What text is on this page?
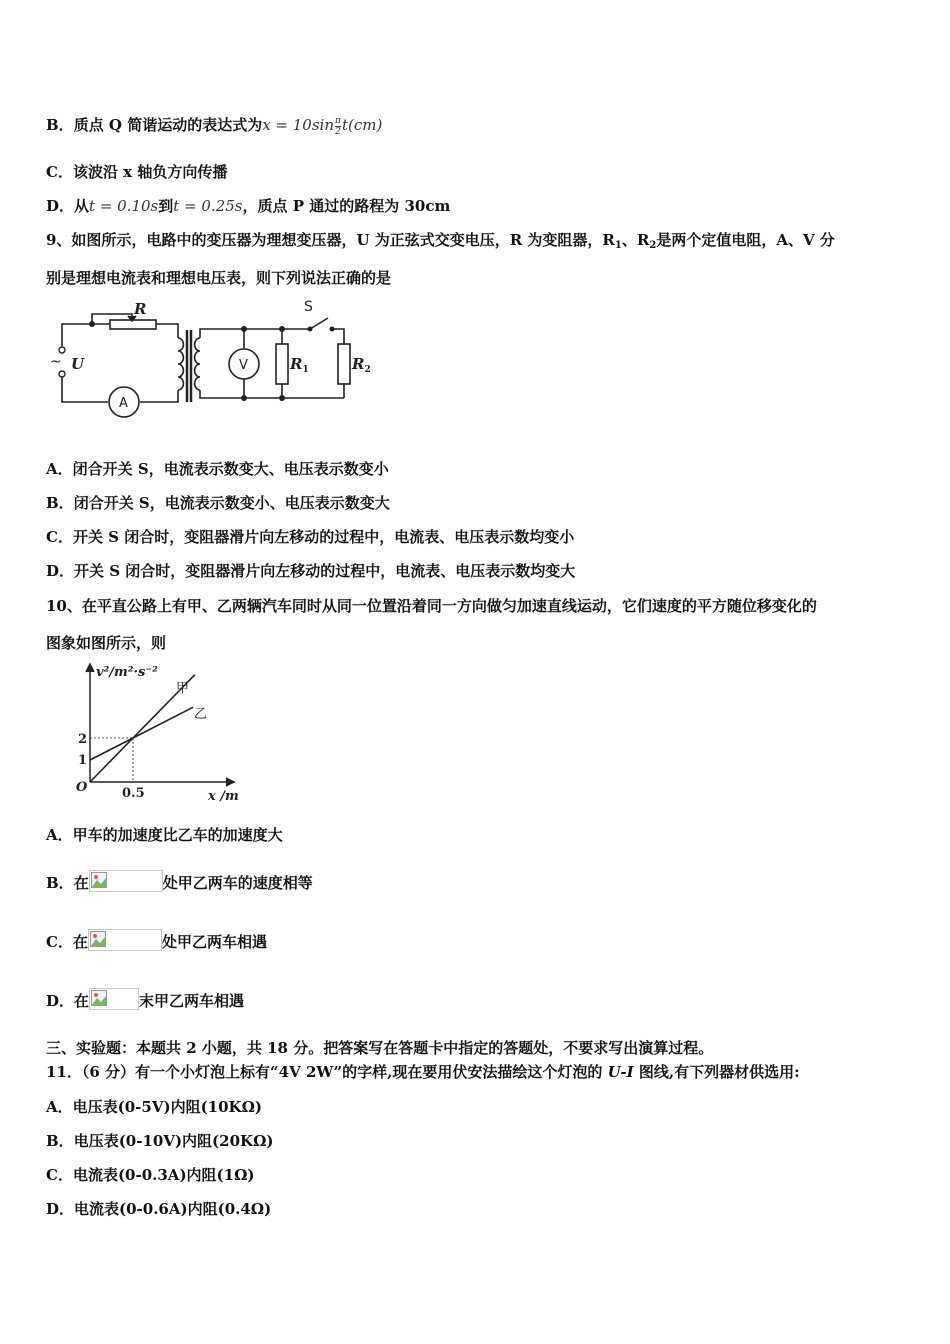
B．质点 Q 简谐运动的表达式为$x = 10\sin \frac{\pi}{2} t(cm)$
C．该波沿 x 轴负方向传播
D．从t = 0.10s到t = 0.25s，质点 P 通过的路程为 30cm
9、如图所示，电路中的变压器为理想变压器，U 为正弦式交变电压，R 为变阻器，$R_1$、$R_2$是两个定值电阻，A、V 分
别是理想电流表和理想电压表，则下列说法正确的是
R
U	$R_1$	$R_2$
~
S
A
V
A．闭合开关 S，电流表示数变大、电压表示数变小
B．闭合开关 S，电流表示数变小、电压表示数变大
C．开关 S 闭合时，变阻器滑片向左移动的过程中，电流表、电压表示数均变小
D．开关 S 闭合时，变阻器滑片向左移动的过程中，电流表、电压表示数均变大
10、在平直公路上有甲、乙两辆汽车同时从同一位置沿着同一方向做匀加速直线运动，它们速度的平方随位移变化的
图象如图所示，则
v²/m²·s⁻²
x /m
O
2
1
0.5
甲
乙
A．甲车的加速度比乙车的加速度大
B．在	处甲乙两车的速度相等
C．在	处甲乙两车相遇
D．在	末甲乙两车相遇
三、实验题：本题共 2 小题，共 18 分。把答案写在答题卡中指定的答题处，不要求写出演算过程。
11．（6 分）有一个小灯泡上标有“4V 2W”的字样,现在要用伏安法描绘这个灯泡的 U-I 图线,有下列器材供选用:
A．电压表(0-5V)内阻(10KΩ)
B．电压表(0-10V)内阻(20KΩ)
C．电流表(0-0.3A)内阻(1Ω)
D．电流表(0-0.6A)内阻(0.4Ω)
